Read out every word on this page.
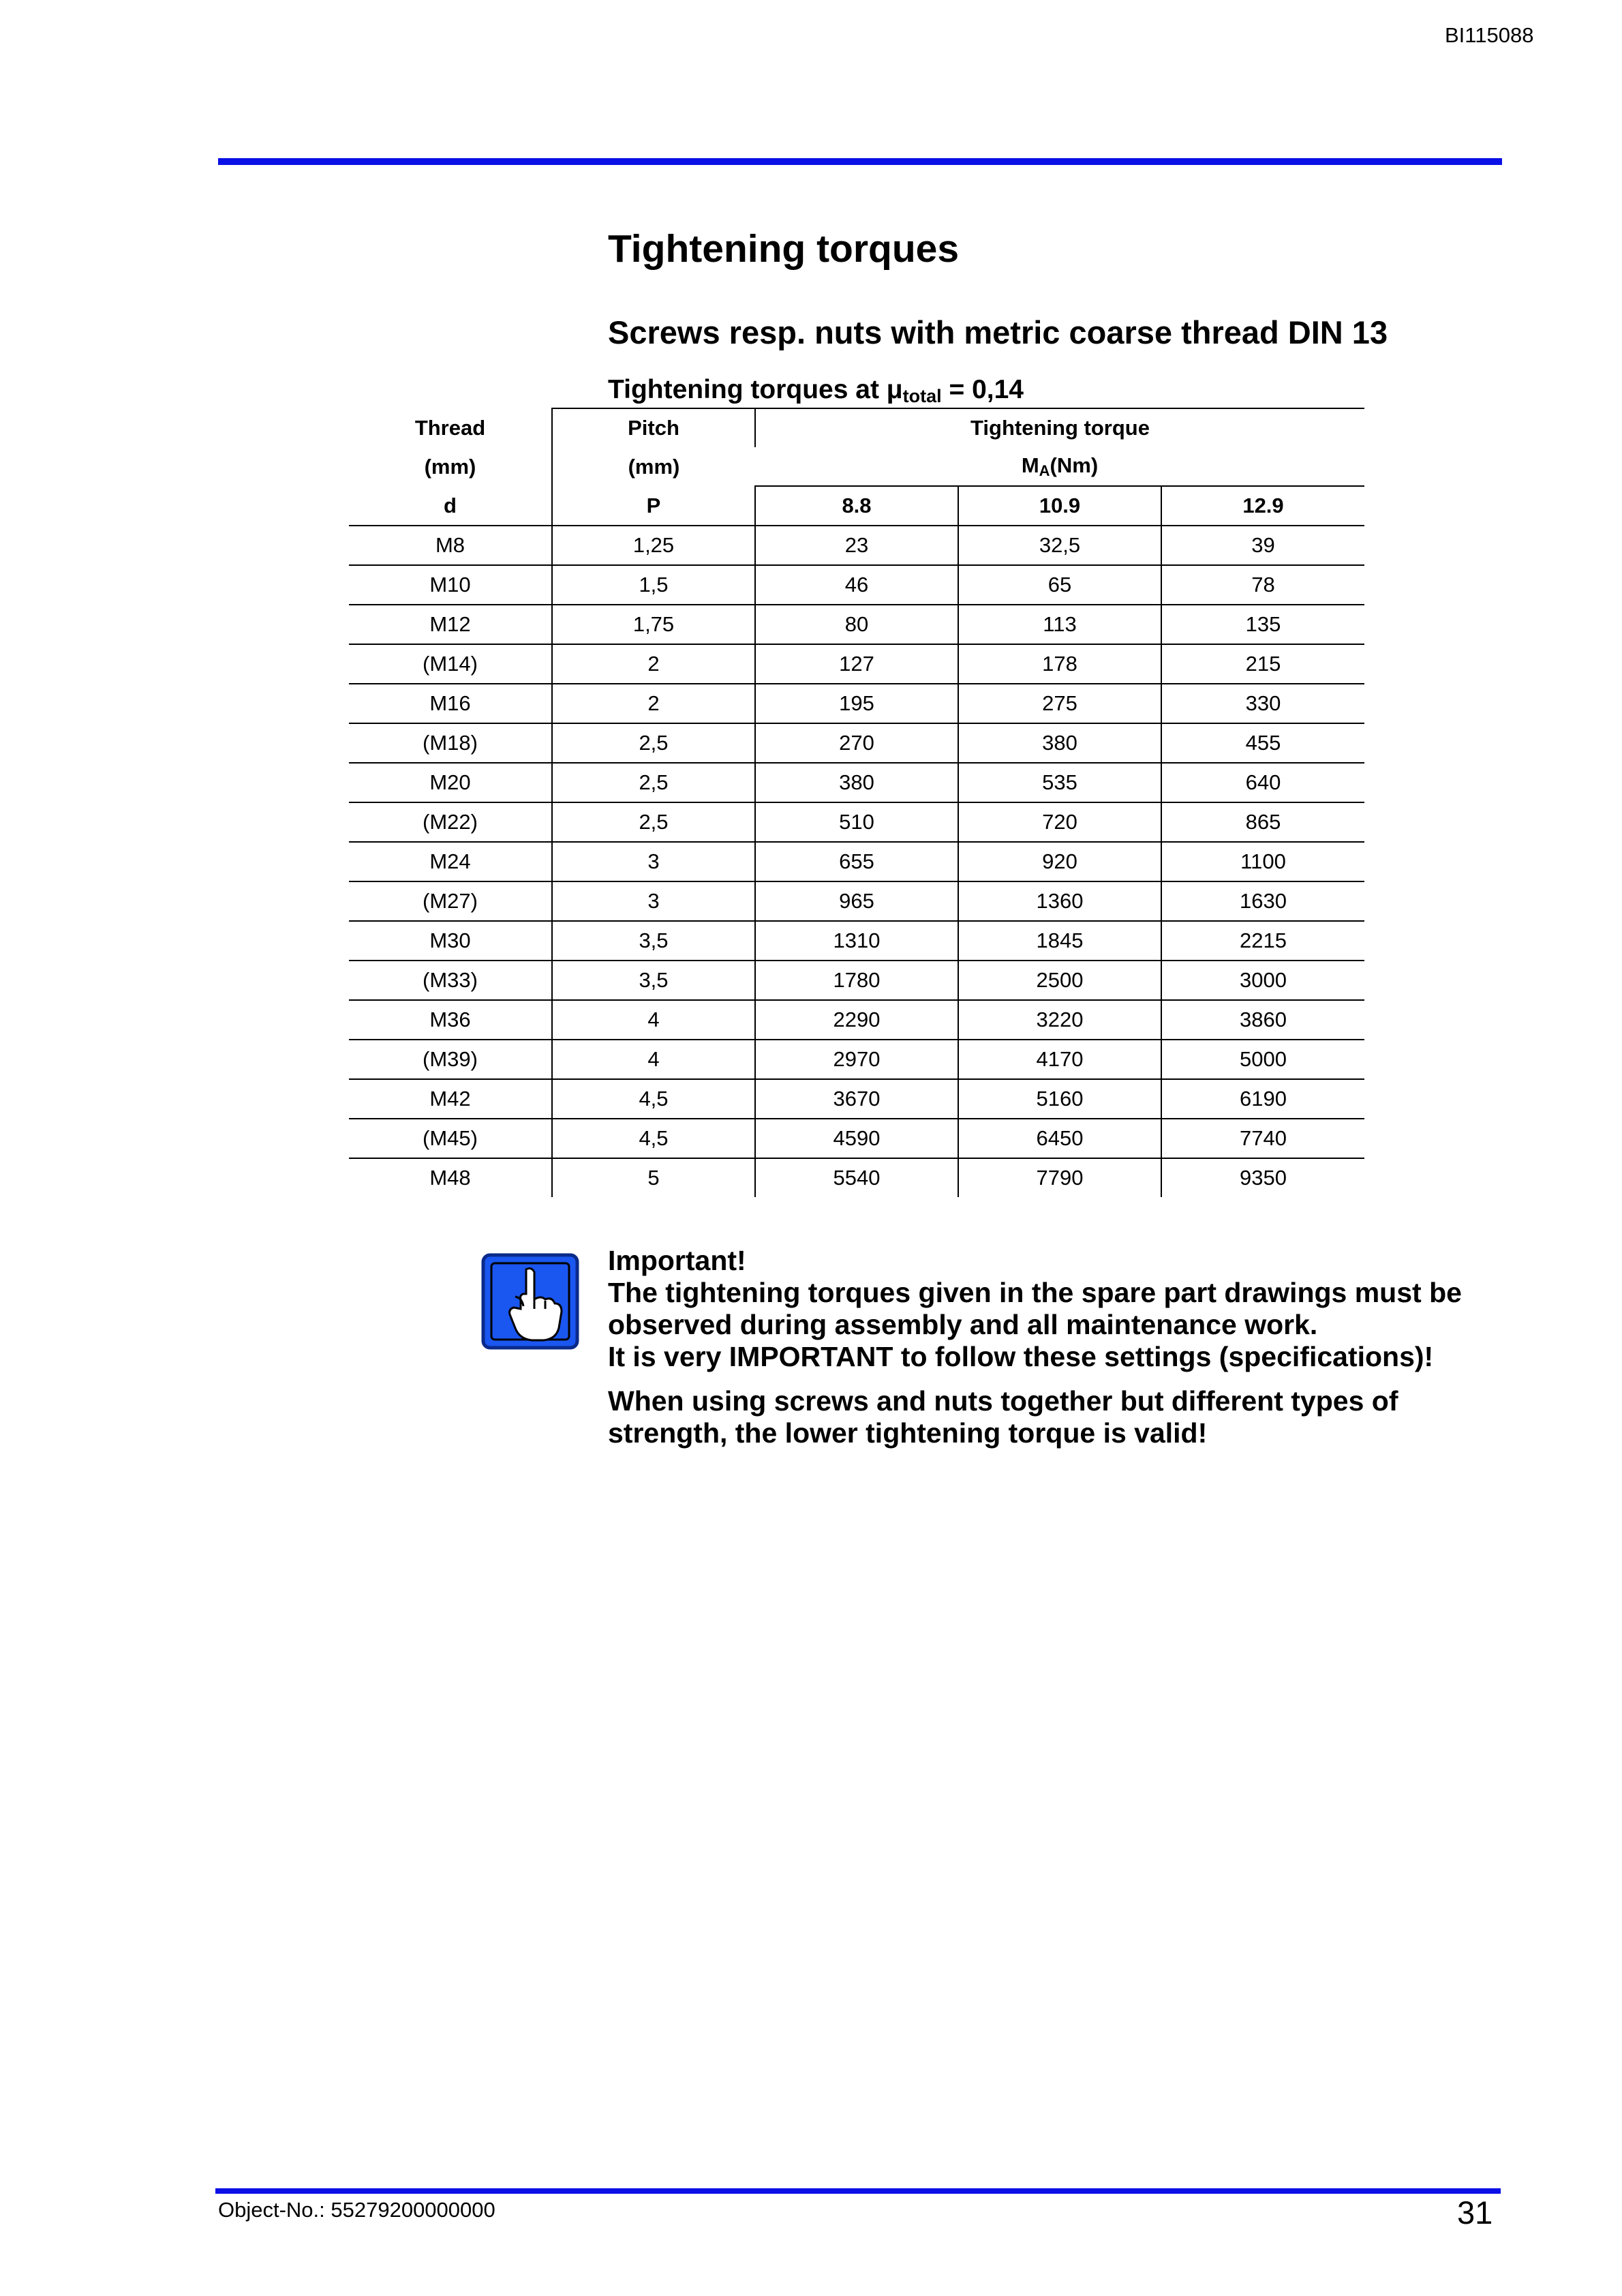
BI115088
Tightening torques
Screws resp. nuts with metric coarse thread DIN 13
Tightening torques at $\mu_{total} = 0,14$
Thread	Pitch	Tightening torque		
(mm)	(mm)	$M_A(Nm)$		
d	P	8.8	10.9	12.9
M8	1,25	23	32,5	39
M10	1,5	46	65	78
M12	1,75	80	113	135
(M14)	2	127	178	215
M16	2	195	275	330
(M18)	2,5	270	380	455
M20	2,5	380	535	640
(M22)	2,5	510	720	865
M24	3	655	920	1100
(M27)	3	965	1360	1630
M30	3,5	1310	1845	2215
(M33)	3,5	1780	2500	3000
M36	4	2290	3220	3860
(M39)	4	2970	4170	5000
M42	4,5	3670	5160	6190
(M45)	4,5	4590	6450	7740
M48	5	5540	7790	9350

Important!

The tightening torques given in the spare part drawings must be observed during assembly and all maintenance work.

It is very IMPORTANT to follow these settings (specifications)!

When using screws and nuts together but different types of strength, the lower tightening torque is valid!

Object-No.: 55279200000000	31
